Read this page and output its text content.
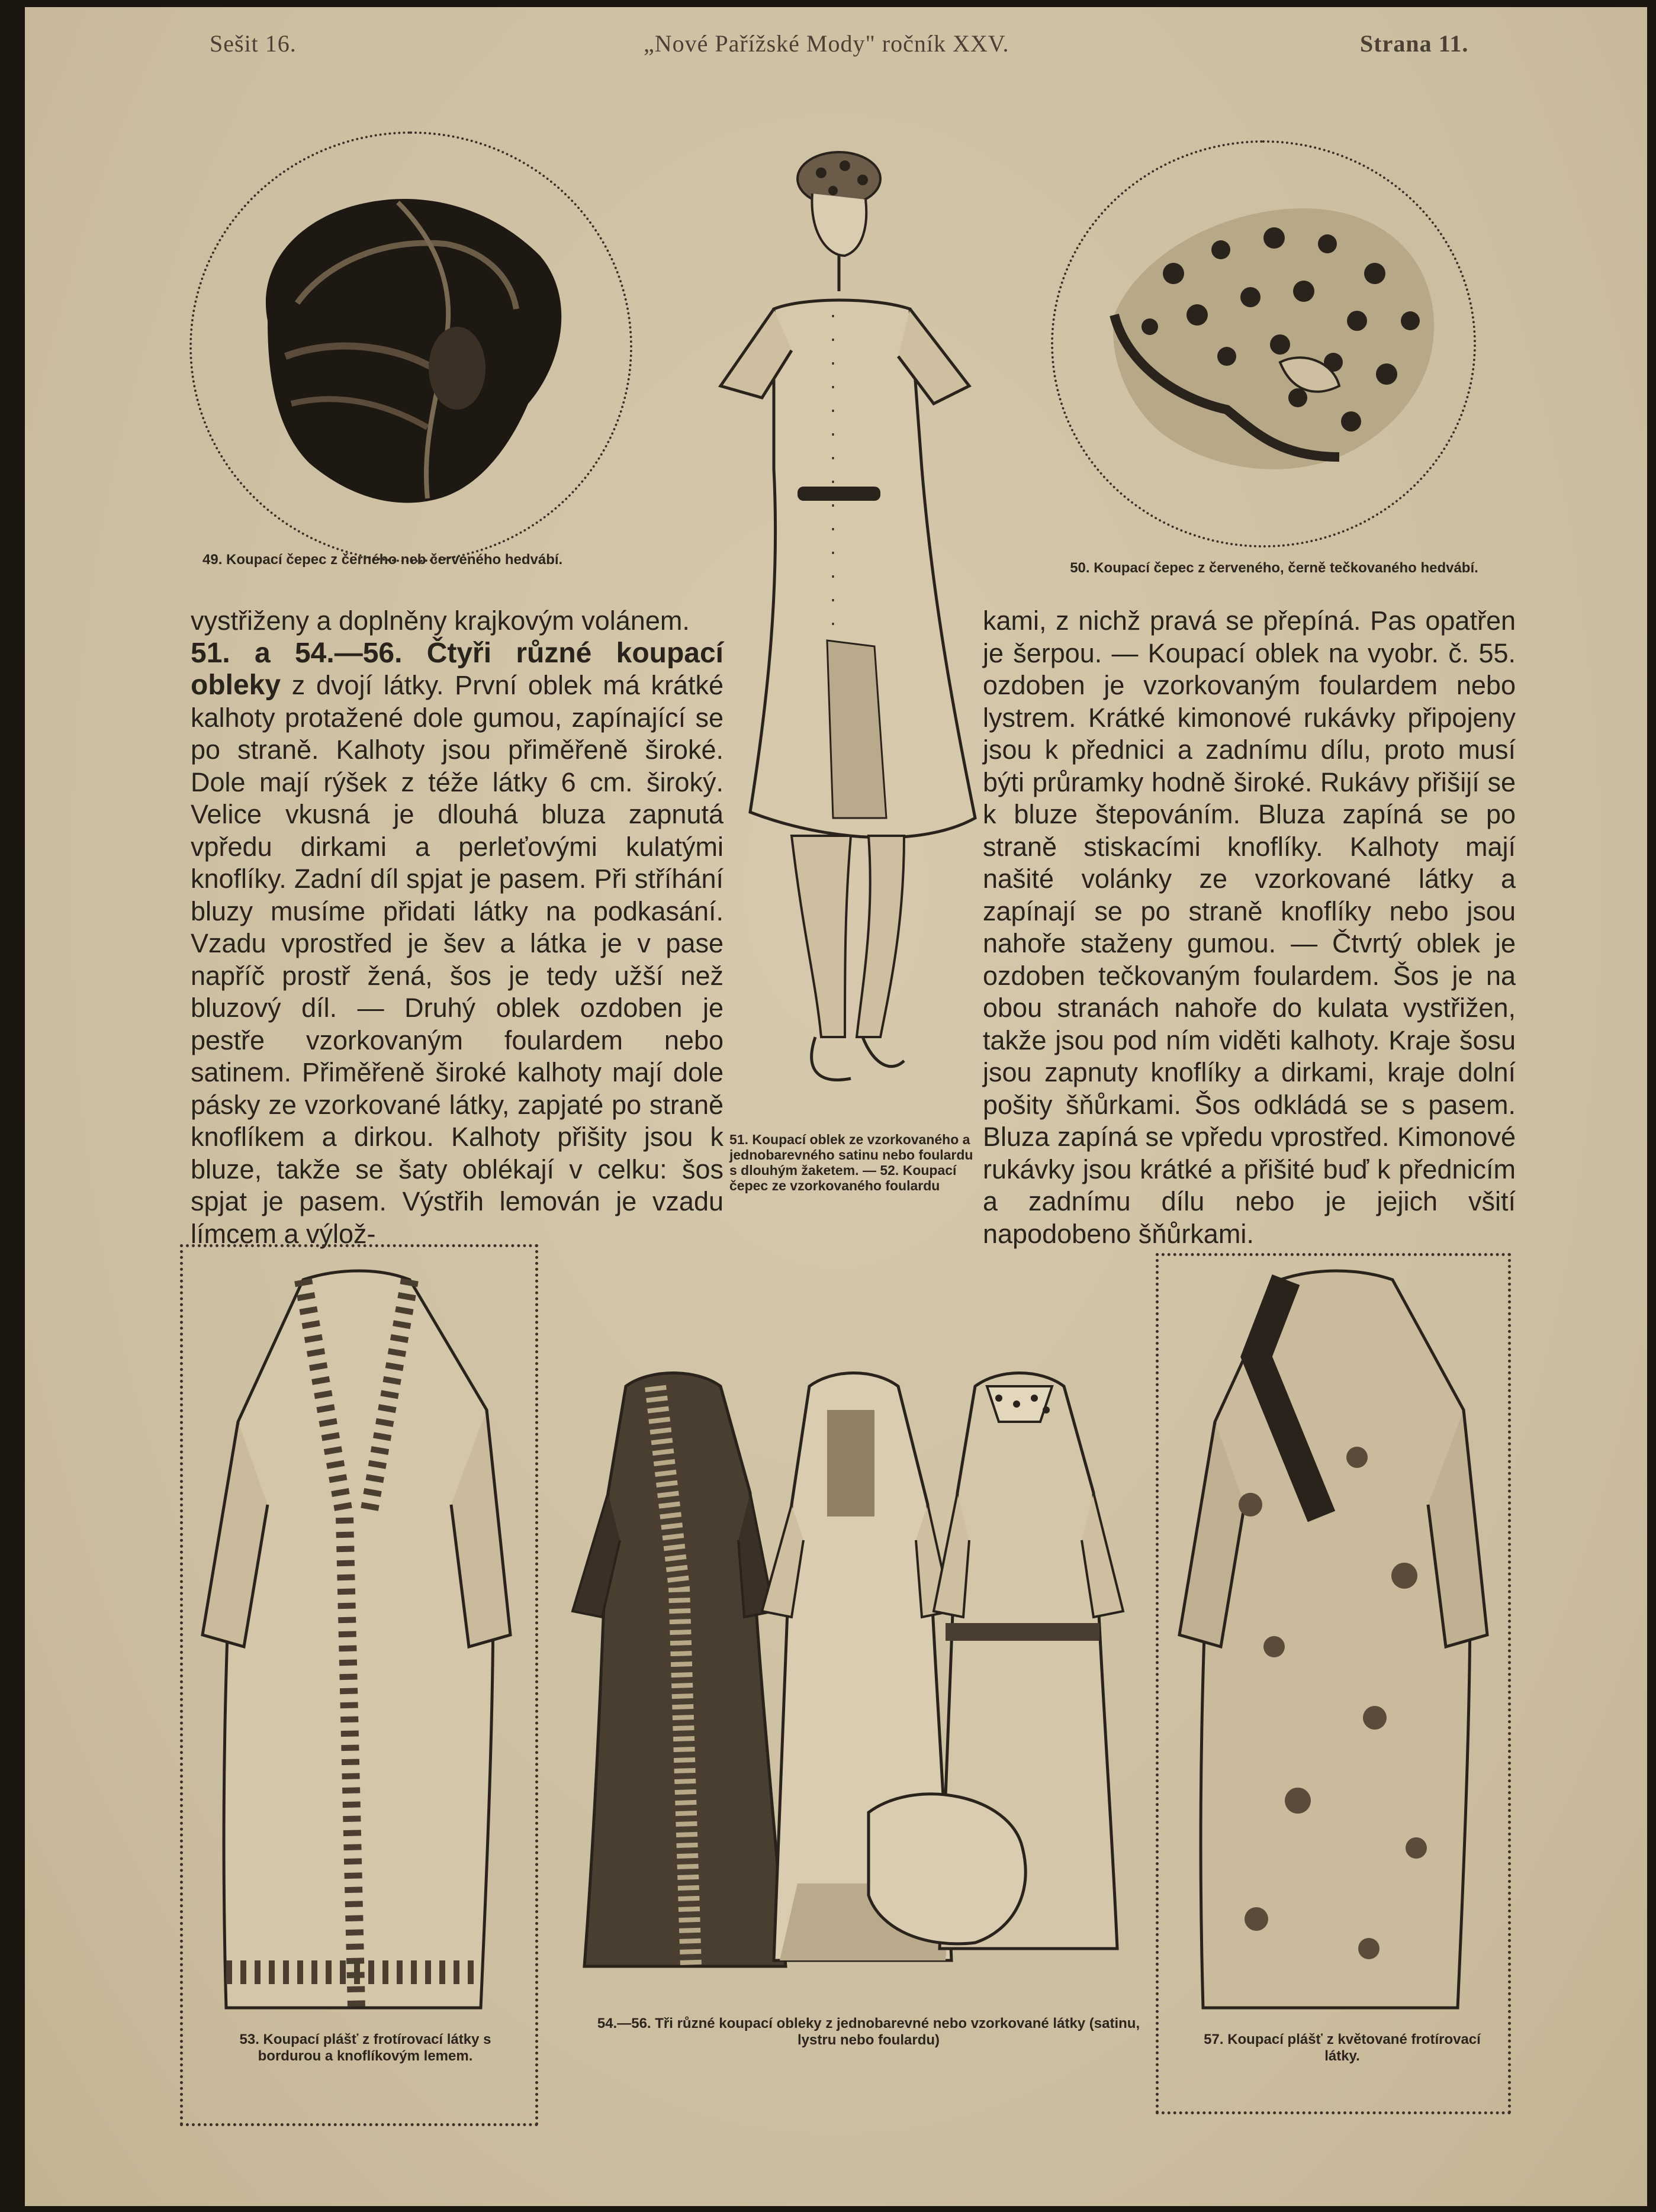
Sešit 16.	„Nové Pařížské Mody" ročník XXV.	Strana 11.
49. Koupací čepec z černého neb červeného hedvábí.
50. Koupací čepec z červeného, černě tečkovaného hedvábí.
51. Koupací oblek ze vzorkovaného a jednobarevného satinu nebo foulardu s dlouhým žaketem. — 52. Koupací čepec ze vzorkovaného foulardu

vystřiženy a doplněny krajkovým volánem.

51. a 54.—56. Čtyři různé koupací obleky z dvojí látky. První oblek má krátké kalhoty protažené dole gumou, zapínající se po straně. Kalhoty jsou přiměřeně široké. Dole mají rýšek z téže látky 6 cm. široký. Velice vkusná je dlouhá bluza zapnutá vpředu dirkami a perleťovými kulatými knoflíky. Zadní díl spjat je pasem. Při stříhání bluzy musíme přidati látky na podkasání. Vzadu vprostřed je šev a látka je v pase napříč prostř žená, šos je tedy užší než bluzový díl. — Druhý oblek ozdoben je pestře vzorkovaným foulardem nebo satinem. Přiměřeně široké kalhoty mají dole pásky ze vzorkované látky, zapjaté po straně knoflíkem a dirkou. Kalhoty přišity jsou k bluze, takže se šaty oblékají v celku: šos spjat je pasem. Výstřih lemován je vzadu límcem a výlož-

kami, z nichž pravá se přepíná. Pas opatřen je šerpou. — Koupací oblek na vyobr. č. 55. ozdoben je vzorkovaným foulardem nebo lystrem. Krátké kimonové rukávky připojeny jsou k přednici a zadnímu dílu, proto musí býti průramky hodně široké. Rukávy přišijí se k bluze štepováním. Bluza zapíná se po straně stiskacími knoflíky. Kalhoty mají našité volánky ze vzorkované látky a zapínají se po straně knoflíky nebo jsou nahoře staženy gumou. — Čtvrtý oblek je ozdoben tečkovaným foulardem. Šos je na obou stranách nahoře do kulata vystřižen, takže jsou pod ním viděti kalhoty. Kraje šosu jsou zapnuty knoflíky a dirkami, kraje dolní pošity šňůrkami. Šos odkládá se s pasem. Bluza zapíná se vpředu vprostřed. Kimonové rukávky jsou krátké a přišité buď k přednicím a zadnímu dílu nebo je jejich všití napodobeno šňůrkami.

53. Koupací plášť z frotírovací látky s bordurou a knoflíkovým lemem.
54.—56. Tři různé koupací obleky z jednobarevné nebo vzorkované látky (satinu, lystru nebo foulardu)	57. Koupací plášť z květované frotírovací látky.
